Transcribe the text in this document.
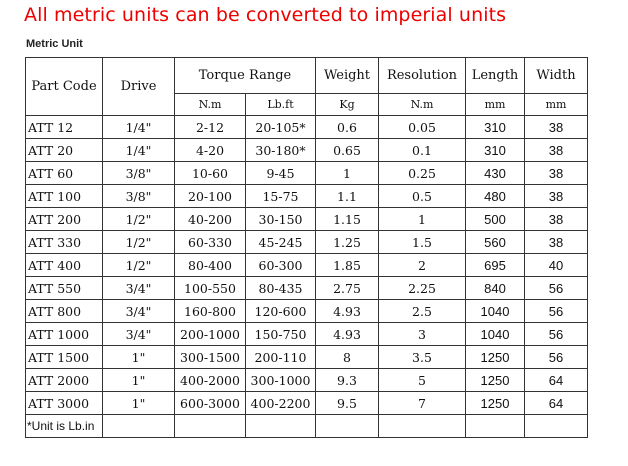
All metric units can be converted to imperial units
Metric Unit
Part Code	Drive	Torque Range		Weight	Resolution	Length	Width
		N.m	Lb.ft	Kg	N.m	mm	mm
ATT 12	1/4"	2-12	20-105*	0.6	0.05	310	38
ATT 20	1/4"	4-20	30-180*	0.65	0.1	310	38
ATT 60	3/8"	10-60	9-45	1	0.25	430	38
ATT 100	3/8"	20-100	15-75	1.1	0.5	480	38
ATT 200	1/2"	40-200	30-150	1.15	1	500	38
ATT 330	1/2"	60-330	45-245	1.25	1.5	560	38
ATT 400	1/2"	80-400	60-300	1.85	2	695	40
ATT 550	3/4"	100-550	80-435	2.75	2.25	840	56
ATT 800	3/4"	160-800	120-600	4.93	2.5	1040	56
ATT 1000	3/4"	200-1000	150-750	4.93	3	1040	56
ATT 1500	1"	300-1500	200-110	8	3.5	1250	56
ATT 2000	1"	400-2000	300-1000	9.3	5	1250	64
ATT 3000	1"	600-3000	400-2200	9.5	7	1250	64
*Unit is Lb.in							
